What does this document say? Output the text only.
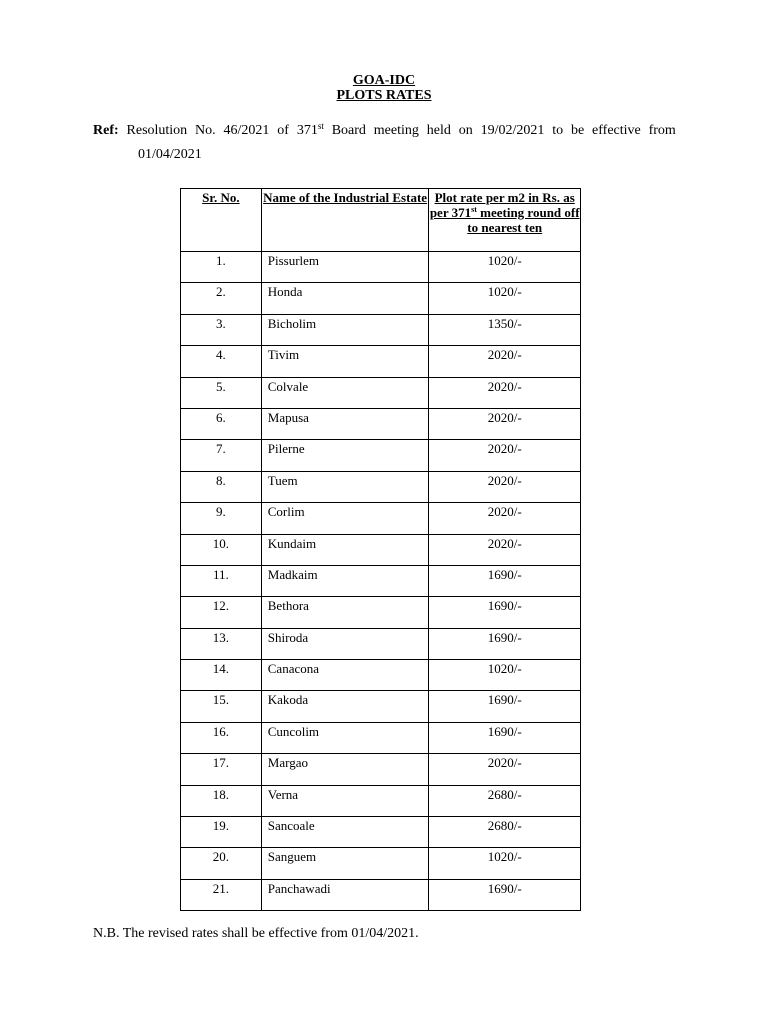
GOA-IDC
PLOTS RATES
Ref: Resolution No. 46/2021 of 371st Board meeting held on 19/02/2021 to be effective from
01/04/2021
Sr. No.	Name of the Industrial Estate	Plot rate per m2 in Rs. as per 371st meeting round off to nearest ten
1.	Pissurlem	1020/-
2.	Honda	1020/-
3.	Bicholim	1350/-
4.	Tivim	2020/-
5.	Colvale	2020/-
6.	Mapusa	2020/-
7.	Pilerne	2020/-
8.	Tuem	2020/-
9.	Corlim	2020/-
10.	Kundaim	2020/-
11.	Madkaim	1690/-
12.	Bethora	1690/-
13.	Shiroda	1690/-
14.	Canacona	1020/-
15.	Kakoda	1690/-
16.	Cuncolim	1690/-
17.	Margao	2020/-
18.	Verna	2680/-
19.	Sancoale	2680/-
20.	Sanguem	1020/-
21.	Panchawadi	1690/-
N.B. The revised rates shall be effective from 01/04/2021.
